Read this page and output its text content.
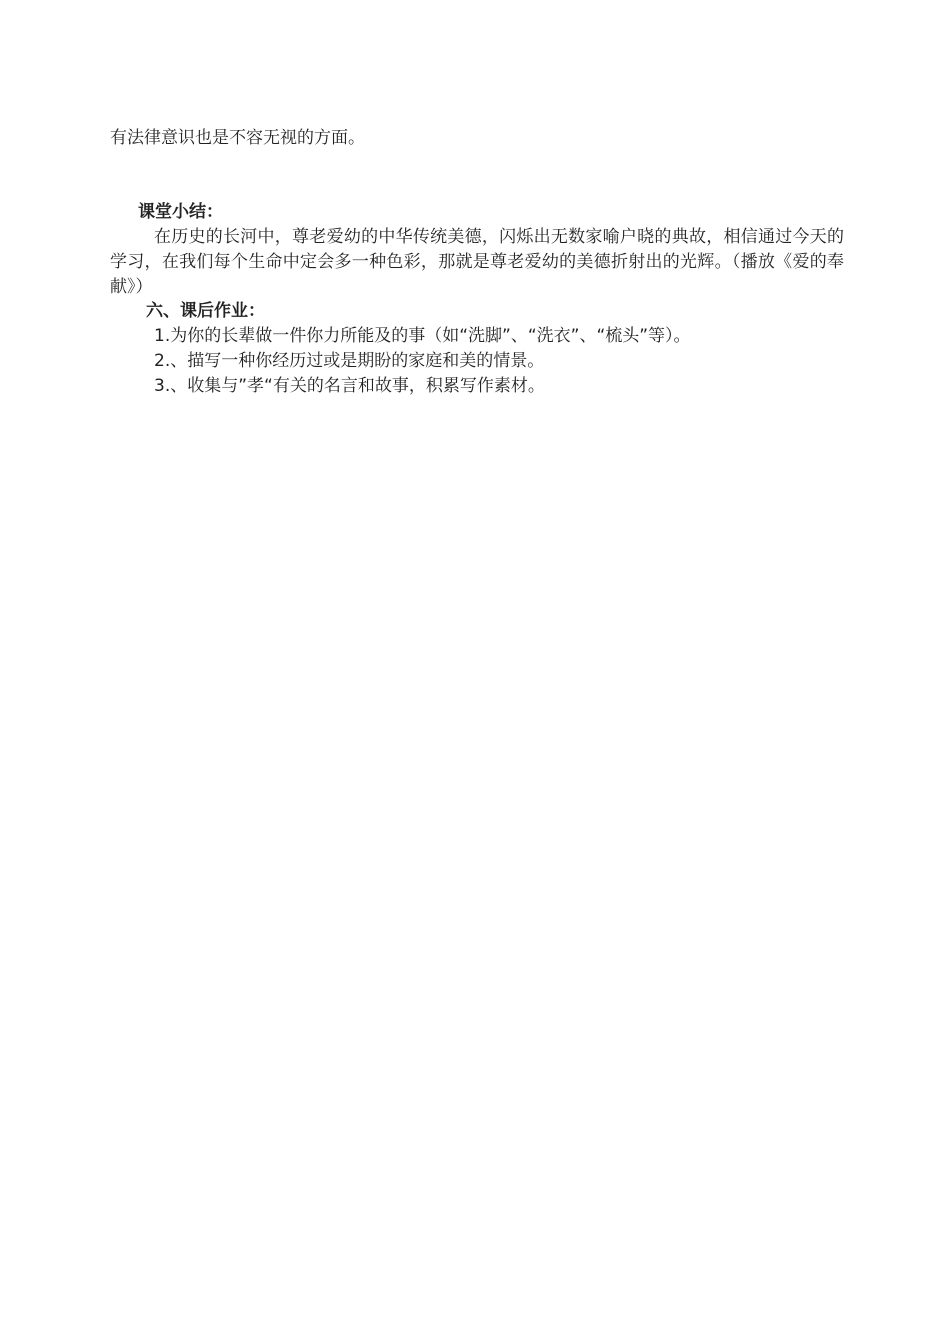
有法律意识也是不容无视的方面。
课堂小结：
在历史的长河中，尊老爱幼的中华传统美德，闪烁出无数家喻户晓的典故，相信通过今天的学习，在我们每个生命中定会多一种色彩，那就是尊老爱幼的美德折射出的光辉。（播放《爱的奉献》）
六、课后作业：
1.为你的长辈做一件你力所能及的事（如“洗脚”、“洗衣”、“梳头”等）。
2.、描写一种你经历过或是期盼的家庭和美的情景。
3.、收集与”孝“有关的名言和故事，积累写作素材。
